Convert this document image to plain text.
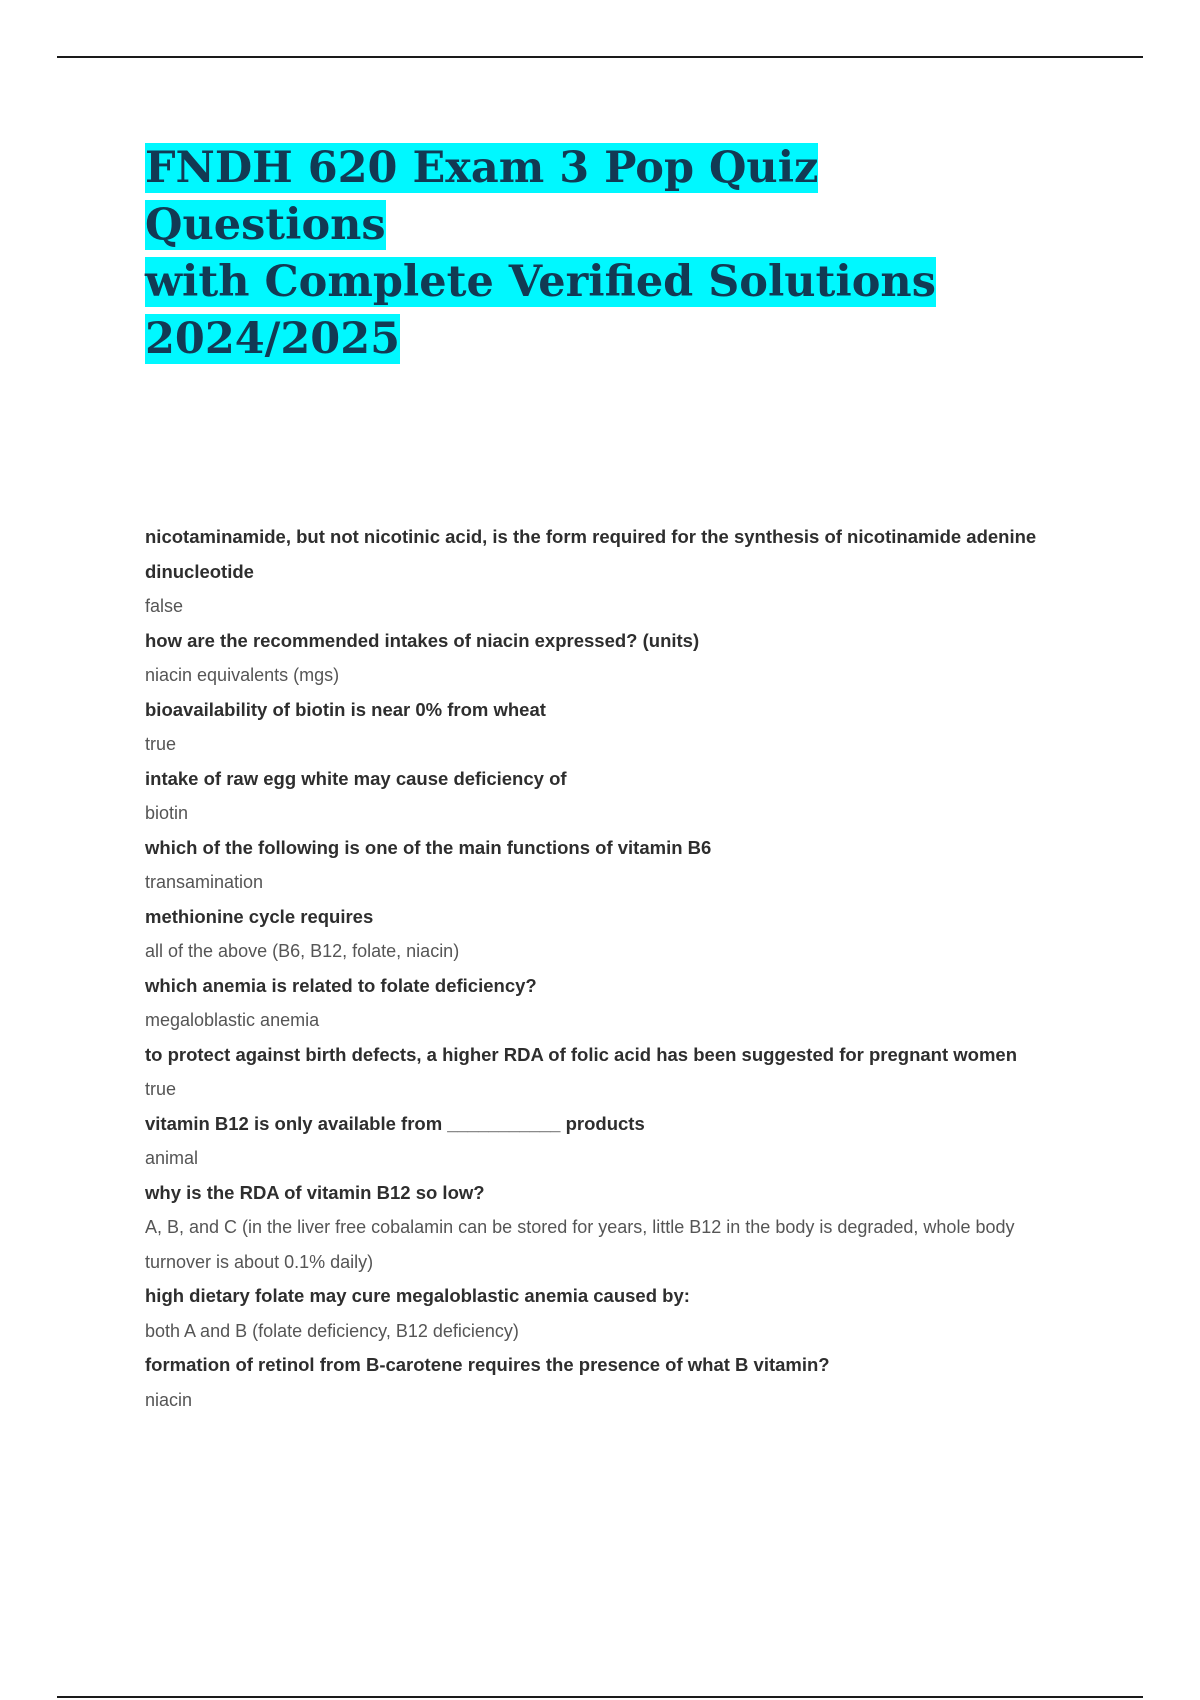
FNDH 620 Exam 3 Pop Quiz Questions
with Complete Verified Solutions
2024/2025

nicotaminamide, but not nicotinic acid, is the form required for the synthesis of nicotinamide adenine dinucleotide

false

how are the recommended intakes of niacin expressed? (units)

niacin equivalents (mgs)

bioavailability of biotin is near 0% from wheat

true

intake of raw egg white may cause deficiency of

biotin

which of the following is one of the main functions of vitamin B6

transamination

methionine cycle requires

all of the above (B6, B12, folate, niacin)

which anemia is related to folate deficiency?

megaloblastic anemia

to protect against birth defects, a higher RDA of folic acid has been suggested for pregnant women

true

vitamin B12 is only available from ___________ products

animal

why is the RDA of vitamin B12 so low?

A, B, and C (in the liver free cobalamin can be stored for years, little B12 in the body is degraded, whole body turnover is about 0.1% daily)

high dietary folate may cure megaloblastic anemia caused by:

both A and B (folate deficiency, B12 deficiency)

formation of retinol from B-carotene requires the presence of what B vitamin?

niacin
